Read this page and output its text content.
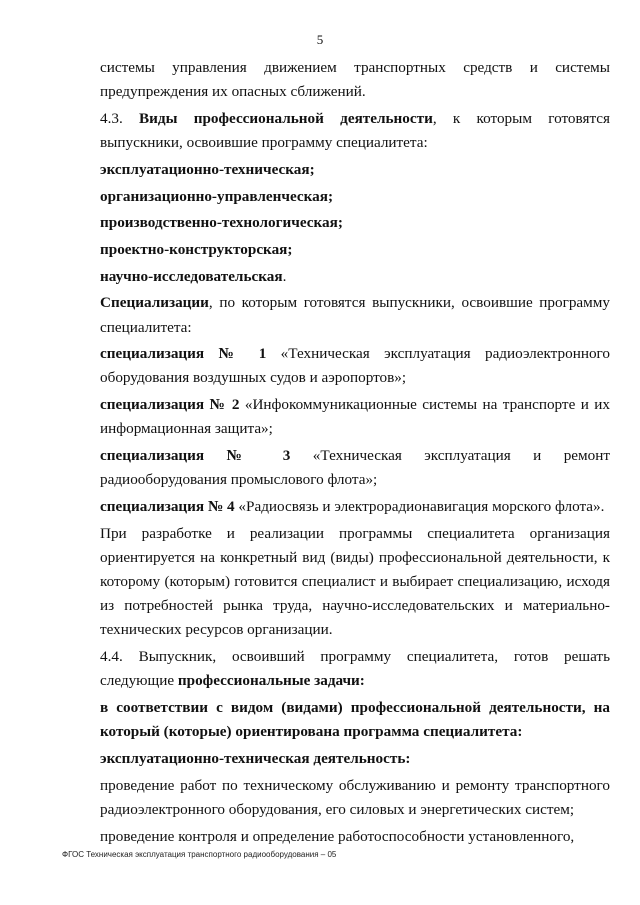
5

системы управления движением транспортных средств и системы предупреждения их опасных сближений.

4.3. Виды профессиональной деятельности, к которым готовятся выпускники, освоившие программу специалитета:

эксплуатационно-техническая;

организационно-управленческая;

производственно-технологическая;

проектно-конструкторская;

научно-исследовательская.

Специализации, по которым готовятся выпускники, освоившие программу специалитета:

специализация № 1 «Техническая эксплуатация радиоэлектронного оборудования воздушных судов и аэропортов»;

специализация № 2 «Инфокоммуникационные системы на транспорте и их информационная защита»;

специализация № 3 «Техническая эксплуатация и ремонт радиооборудования промыслового флота»;

специализация № 4 «Радиосвязь и электрорадионавигация морского флота».

При разработке и реализации программы специалитета организация ориентируется на конкретный вид (виды) профессиональной деятельности, к которому (которым) готовится специалист и выбирает специализацию, исходя из потребностей рынка труда, научно-исследовательских и материально-технических ресурсов организации.

4.4. Выпускник, освоивший программу специалитета, готов решать следующие профессиональные задачи:

в соответствии с видом (видами) профессиональной деятельности, на который (которые) ориентирована программа специалитета:

эксплуатационно-техническая деятельность:

проведение работ по техническому обслуживанию и ремонту транспортного радиоэлектронного оборудования, его силовых и энергетических систем;

проведение контроля и определение работоспособности установленного,

ФГОС Техническая эксплуатация транспортного радиооборудования – 05
